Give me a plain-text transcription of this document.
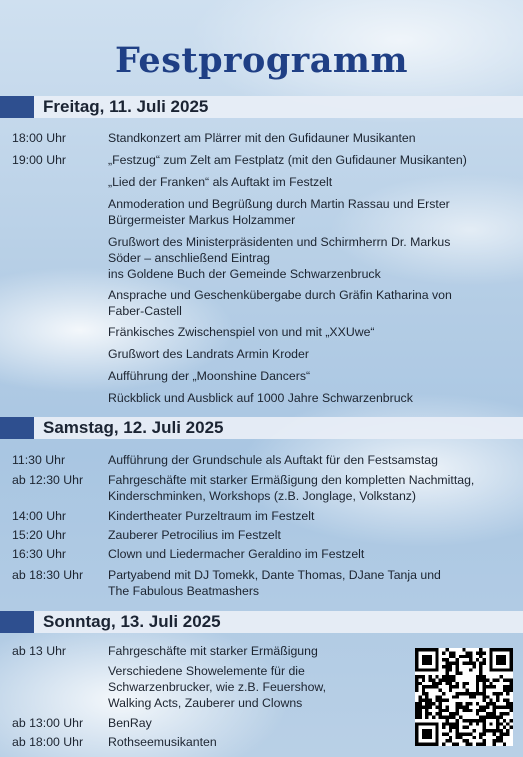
Festprogramm
Freitag, 11. Juli 2025
Samstag, 12. Juli 2025
Sonntag, 13. Juli 2025
18:00 Uhr	Standkonzert am Plärrer mit den Gufidauner Musikanten
19:00 Uhr	„Festzug“ zum Zelt am Festplatz (mit den Gufidauner Musikanten)
„Lied der Franken“ als Auftakt im Festzelt
Anmoderation und Begrüßung durch Martin Rassau und Erster
Bürgermeister Markus Holzammer
Grußwort des Ministerpräsidenten und Schirmherrn Dr. Markus
Söder – anschließend Eintrag
ins Goldene Buch der Gemeinde Schwarzenbruck
Ansprache und Geschenkübergabe durch Gräfin Katharina von
Faber-Castell
Fränkisches Zwischenspiel von und mit „XXUwe“
Grußwort des Landrats Armin Kroder
Aufführung der „Moonshine Dancers“
Rückblick und Ausblick auf 1000 Jahre Schwarzenbruck
11:30 Uhr	Aufführung der Grundschule als Auftakt für den Festsamstag
ab 12:30 Uhr Fahrgeschäfte mit starker Ermäßigung den kompletten Nachmittag,
Kinderschminken, Workshops (z.B. Jonglage, Volkstanz)
14:00 Uhr	Kindertheater Purzeltraum im Festzelt
15:20 Uhr	Zauberer Petrocilius im Festzelt
16:30 Uhr	Clown und Liedermacher Geraldino im Festzelt
ab 18:30 Uhr Partyabend mit DJ Tomekk, Dante Thomas, DJane Tanja und
The Fabulous Beatmashers
ab 13 Uhr	Fahrgeschäfte mit starker Ermäßigung
Verschiedene Showelemente für die
Schwarzenbrucker, wie z.B. Feuershow,
Walking Acts, Zauberer und Clowns
ab 13:00 Uhr BenRay
ab 18:00 Uhr Rothseemusikanten
